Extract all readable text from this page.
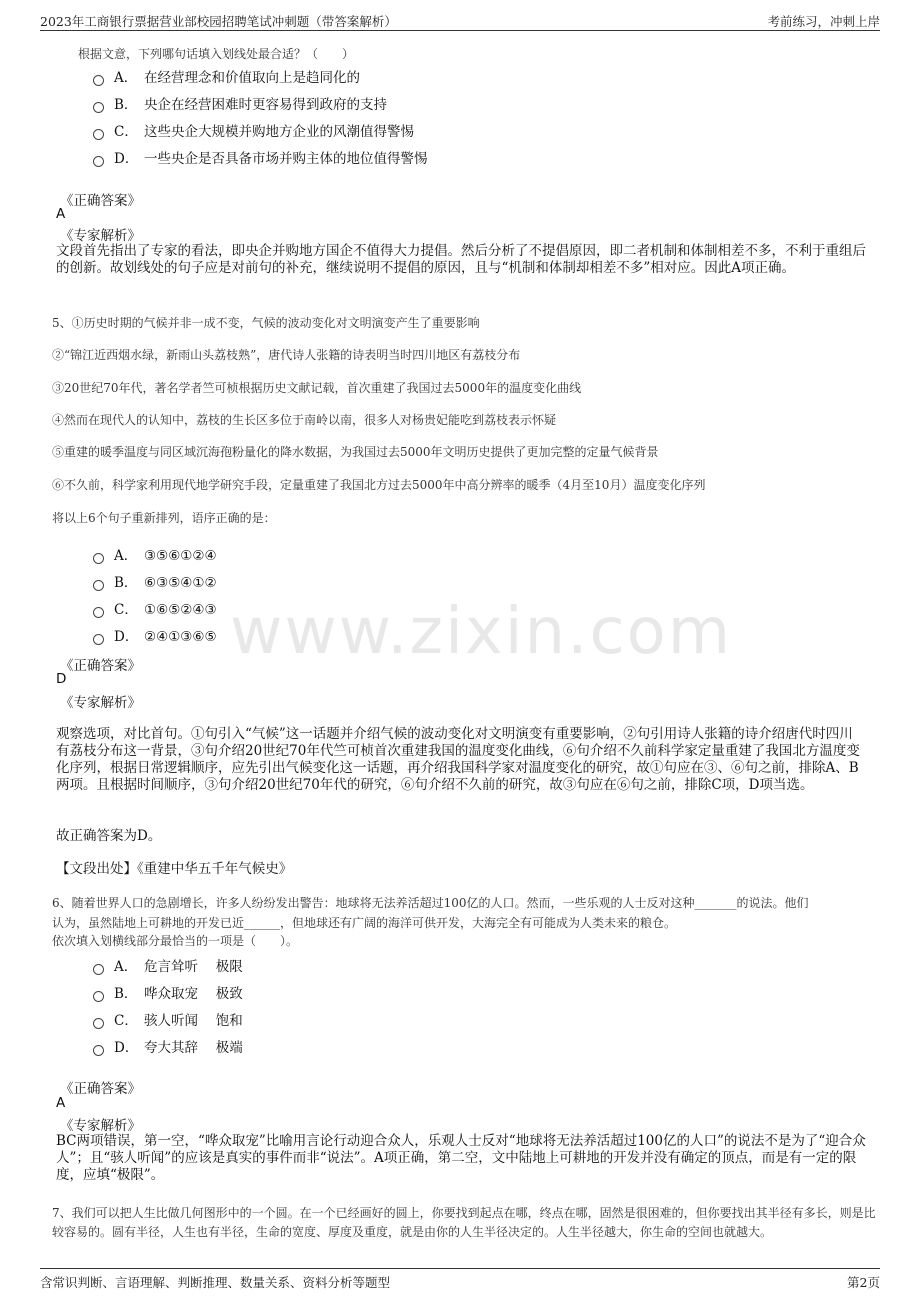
2023年工商银行票据营业部校园招聘笔试冲刺题（带答案解析）	考前练习，冲刺上岸
www.zixin.com
根据文意，下列哪句话填入划线处最合适？（　　）
A． 在经营理念和价值取向上是趋同化的
B． 央企在经营困难时更容易得到政府的支持
C． 这些央企大规模并购地方企业的风潮值得警惕
D． 一些央企是否具备市场并购主体的地位值得警惕
《正确答案》
A
《专家解析》
文段首先指出了专家的看法，即央企并购地方国企不值得大力提倡。然后分析了不提倡原因，即二者机制和体制相差不多，不利于重组后的创新。故划线处的句子应是对前句的补充，继续说明不提倡的原因，且与“机制和体制却相差不多”相对应。因此A项正确。
5、①历史时期的气候并非一成不变，气候的波动变化对文明演变产生了重要影响
②“锦江近西烟水绿，新雨山头荔枝熟”，唐代诗人张籍的诗表明当时四川地区有荔枝分布
③20世纪70年代，著名学者竺可桢根据历史文献记载，首次重建了我国过去5000年的温度变化曲线
④然而在现代人的认知中，荔枝的生长区多位于南岭以南，很多人对杨贵妃能吃到荔枝表示怀疑
⑤重建的暖季温度与同区域沉海孢粉量化的降水数据，为我国过去5000年文明历史提供了更加完整的定量气候背景
⑥不久前，科学家利用现代地学研究手段，定量重建了我国北方过去5000年中高分辨率的暖季（4月至10月）温度变化序列
将以上6个句子重新排列，语序正确的是：
A． ③⑤⑥①②④
B． ⑥③⑤④①②
C． ①⑥⑤②④③
D． ②④①③⑥⑤
《正确答案》
D
《专家解析》
观察选项，对比首句。①句引入“气候”这一话题并介绍气候的波动变化对文明演变有重要影响，②句引用诗人张籍的诗介绍唐代时四川有荔枝分布这一背景，③句介绍20世纪70年代竺可桢首次重建我国的温度变化曲线，⑥句介绍不久前科学家定量重建了我国北方温度变化序列，根据日常逻辑顺序，应先引出气候变化这一话题，再介绍我国科学家对温度变化的研究，故①句应在③、⑥句之前，排除A、B两项。且根据时间顺序，③句介绍20世纪70年代的研究，⑥句介绍不久前的研究，故③句应在⑥句之前，排除C项，D项当选。
故正确答案为D。
【文段出处】《重建中华五千年气候史》
6、随着世界人口的急剧增长，许多人纷纷发出警告：地球将无法养活超过100亿的人口。然而，一些乐观的人士反对这种_______的说法。他们
认为，虽然陆地上可耕地的开发已近______，但地球还有广阔的海洋可供开发，大海完全有可能成为人类未来的粮仓。
依次填入划横线部分最恰当的一项是（　　）。
A． 危言耸听　 极限
B． 哗众取宠　 极致
C． 骇人听闻　 饱和
D． 夸大其辞　 极端
《正确答案》
A
《专家解析》
BC两项错误，第一空，“哗众取宠”比喻用言论行动迎合众人，乐观人士反对“地球将无法养活超过100亿的人口”的说法不是为了“迎合众人”；且“骇人听闻”的应该是真实的事件而非“说法”。A项正确，第二空，文中陆地上可耕地的开发并没有确定的顶点，而是有一定的限度，应填“极限”。
7、我们可以把人生比做几何图形中的一个圆。在一个已经画好的圆上，你要找到起点在哪，终点在哪，固然是很困难的，但你要找出其半径有多长，则是比较容易的。圆有半径，人生也有半径，生命的宽度、厚度及重度，就是由你的人生半径决定的。人生半径越大，你生命的空间也就越大。
含常识判断、言语理解、判断推理、数量关系、资料分析等题型	第2页
